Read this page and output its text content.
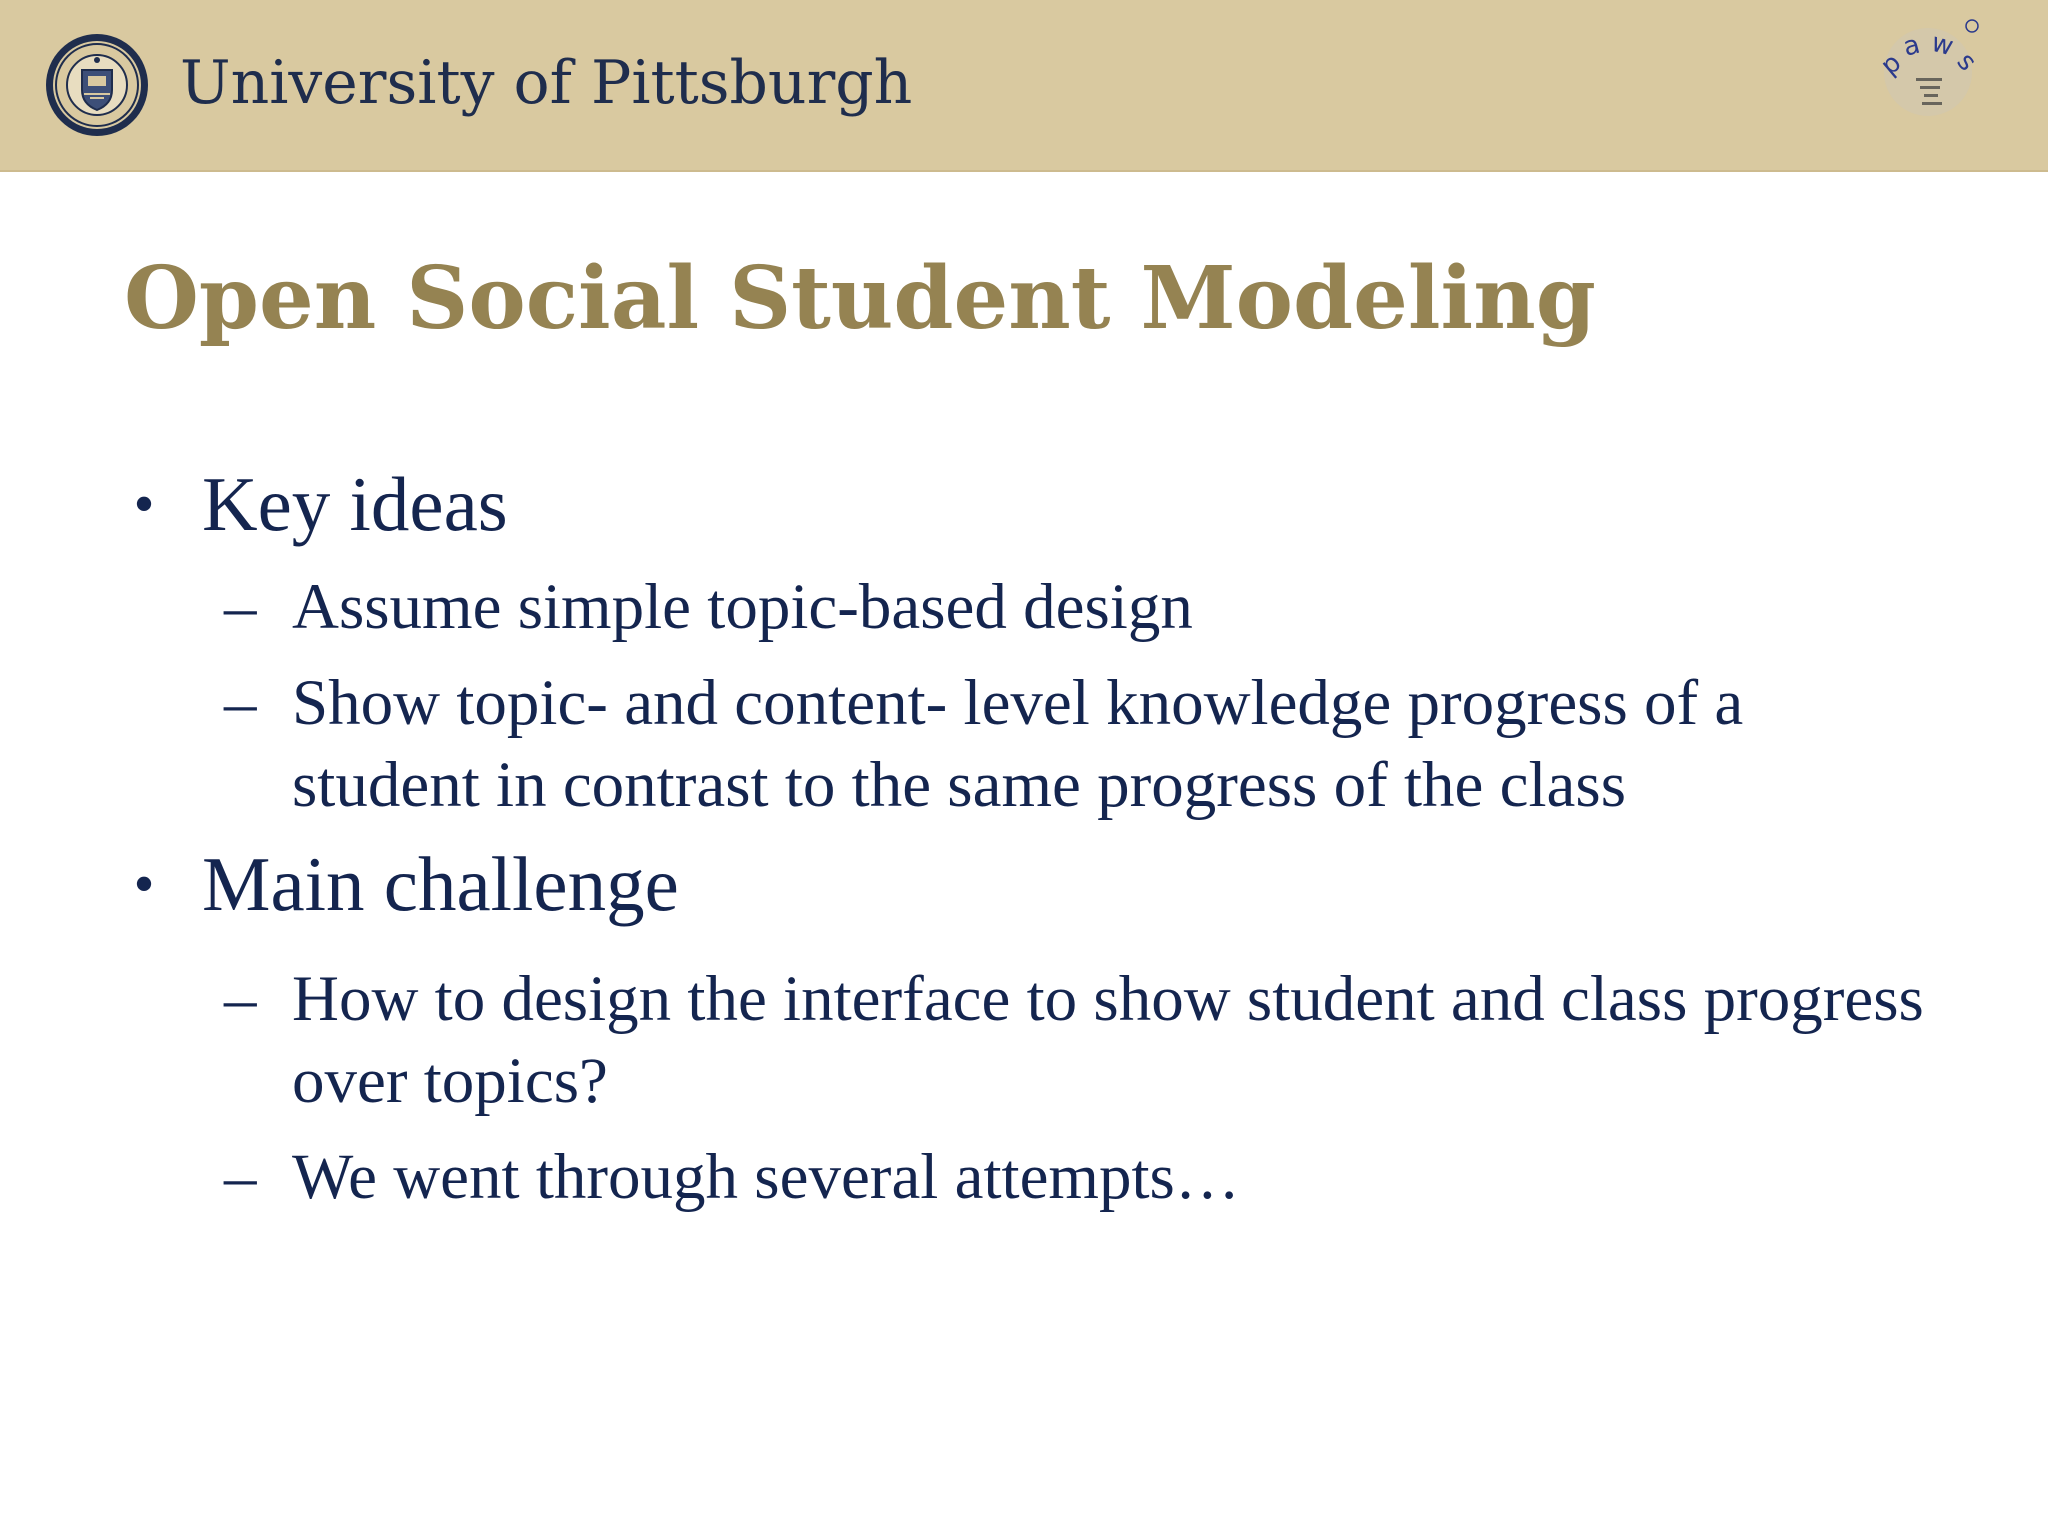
University of Pittsburgh	p
a w
s
Open Social Student Modeling
• Key ideas
– Assume simple topic-based design
– Show topic- and content- level knowledge progress of a student in contrast to the same progress of the class
• Main challenge
– How to design the interface to show student and class progress over topics?
– We went through several attempts…
